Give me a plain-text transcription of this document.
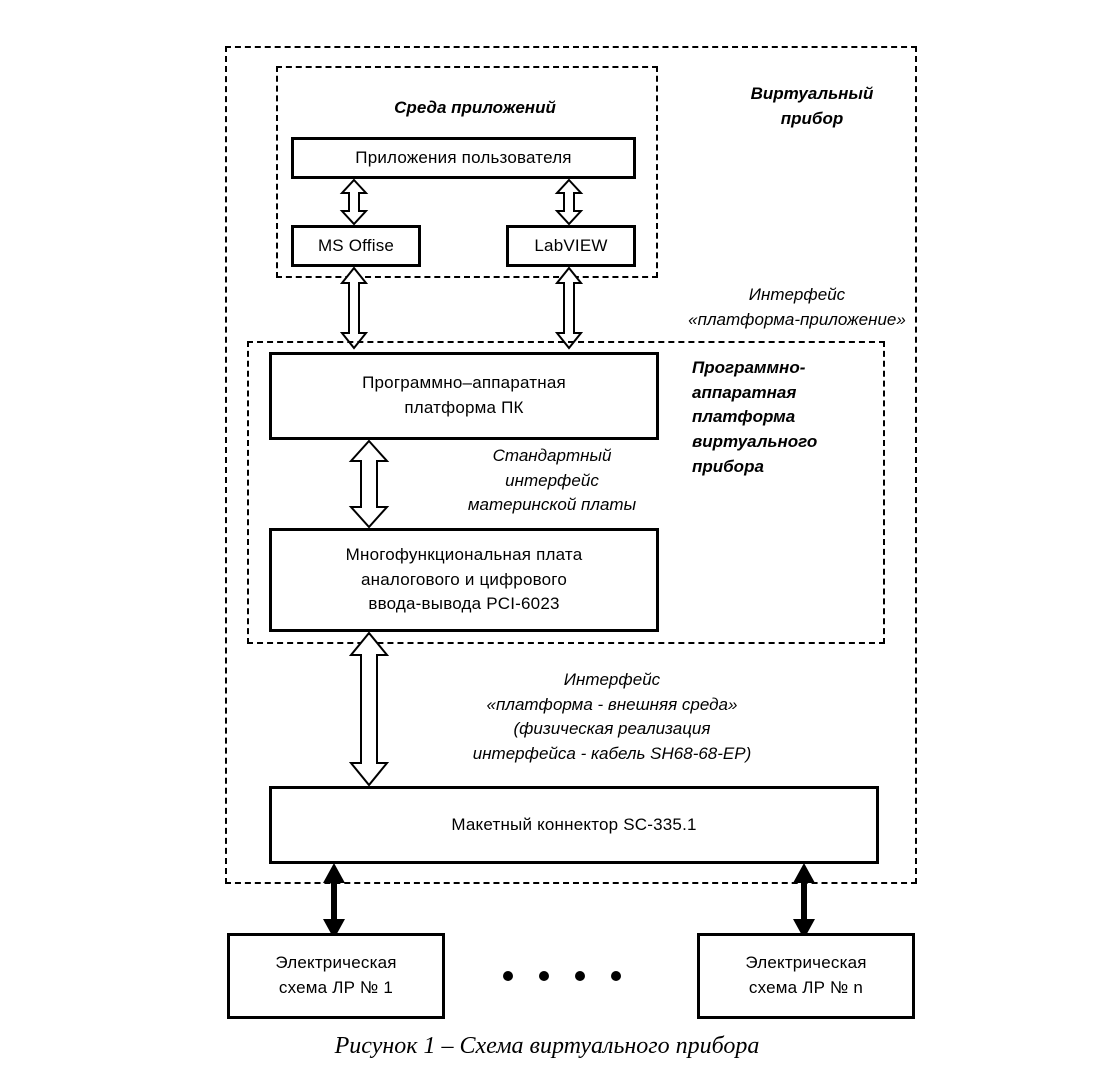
Виртуальный
прибор
Среда приложений
Приложения пользователя
MS Offise	LabVIEW
Интерфейс
«платформа-приложение»
Программно-
аппаратная
платформа
виртуального
прибора
Программно–аппаратная
платформа ПК
Стандартный
интерфейс
материнской платы
Многофункциональная плата
аналогового и цифрового
ввода-вывода PCI-6023
Интерфейс
«платформа - внешняя среда»
(физическая реализация
интерфейса - кабель SH68-68-EP)
Макетный коннектор SC-335.1
Электрическая
схема ЛР № 1
Электрическая
схема ЛР № n
Рисунок 1 – Схема виртуального прибора
